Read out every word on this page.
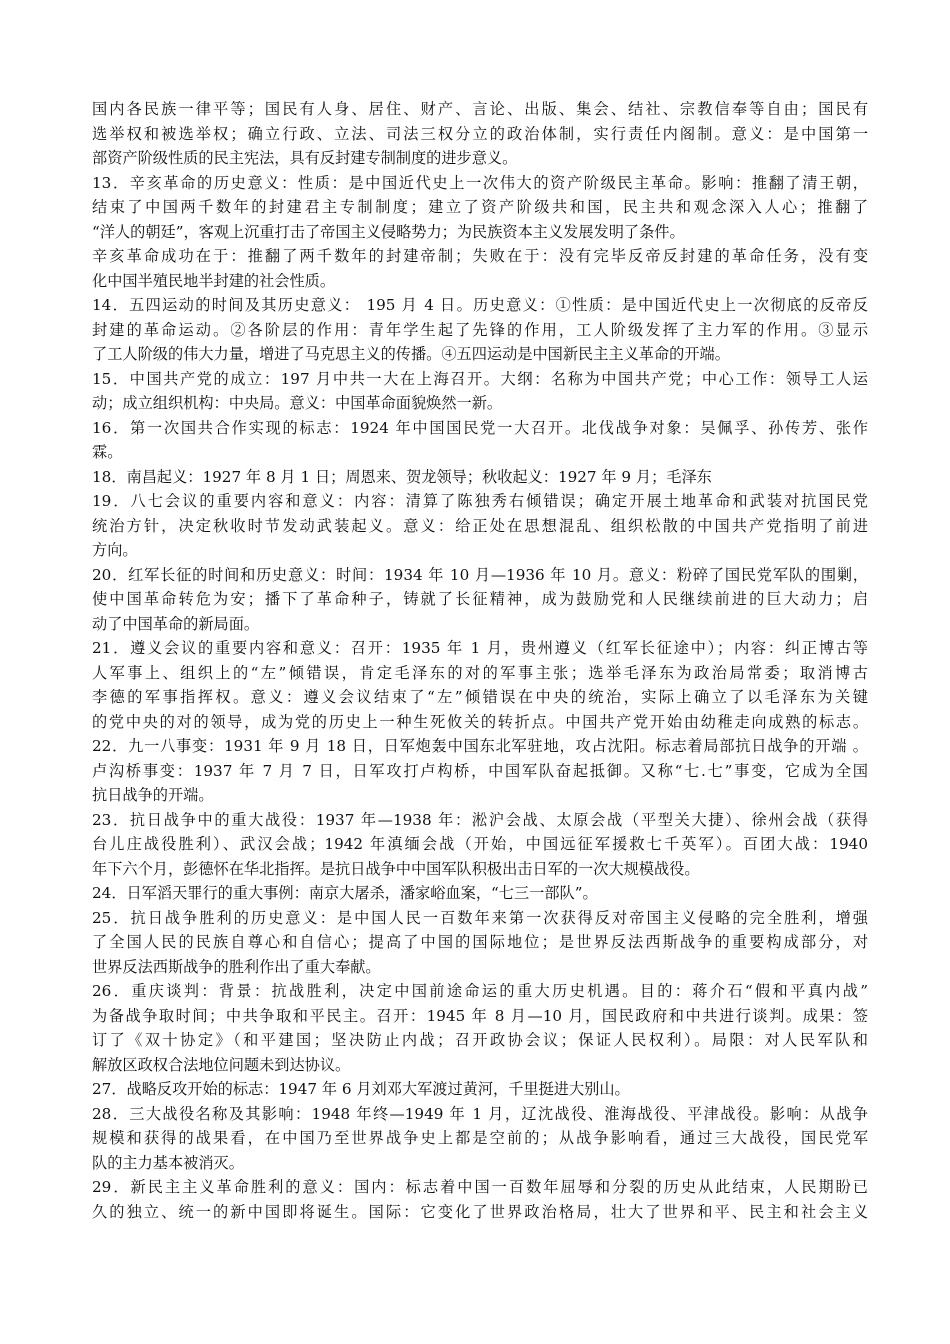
国内各民族一律平等；国民有人身、居住、财产、言论、出版、集会、结社、宗教信奉等自由；国民有
选举权和被选举权；确立行政、立法、司法三权分立的政治体制，实行责任内阁制。意义：是中国第一
部资产阶级性质的民主宪法，具有反封建专制制度的进步意义。
13．辛亥革命的历史意义：性质：是中国近代史上一次伟大的资产阶级民主革命。影响：推翻了清王朝，
结束了中国两千数年的封建君主专制制度；建立了资产阶级共和国，民主共和观念深入人心；推翻了
“洋人的朝廷”，客观上沉重打击了帝国主义侵略势力；为民族资本主义发展发明了条件。
辛亥革命成功在于：推翻了两千数年的封建帝制；失败在于：没有完毕反帝反封建的革命任务，没有变
化中国半殖民地半封建的社会性质。
14．五四运动的时间及其历史意义： 195 月 4 日。历史意义：①性质：是中国近代史上一次彻底的反帝反
封建的革命运动。②各阶层的作用：青年学生起了先锋的作用，工人阶级发挥了主力军的作用。③显示
了工人阶级的伟大力量，增进了马克思主义的传播。④五四运动是中国新民主主义革命的开端。
15．中国共产党的成立：197 月中共一大在上海召开。大纲：名称为中国共产党；中心工作：领导工人运
动；成立组织机构：中央局。意义：中国革命面貌焕然一新。
16．第一次国共合作实现的标志：1924 年中国国民党一大召开。北伐战争对象：吴佩孚、孙传芳、张作
霖。
18．南昌起义：1927 年 8 月 1 日；周恩来、贺龙领导；秋收起义：1927 年 9 月；毛泽东
19．八七会议的重要内容和意义：内容：清算了陈独秀右倾错误；确定开展土地革命和武装对抗国民党
统治方针，决定秋收时节发动武装起义。意义：给正处在思想混乱、组织松散的中国共产党指明了前进
方向。
20．红军长征的时间和历史意义：时间：1934 年 10 月—1936 年 10 月。意义：粉碎了国民党军队的围剿，
使中国革命转危为安；播下了革命种子，铸就了长征精神，成为鼓励党和人民继续前进的巨大动力；启
动了中国革命的新局面。
21．遵义会议的重要内容和意义：召开：1935 年 1 月，贵州遵义（红军长征途中）；内容：纠正博古等
人军事上、组织上的“左”倾错误，肯定毛泽东的对的军事主张；选举毛泽东为政治局常委；取消博古
李德的军事指挥权。意义：遵义会议结束了“左”倾错误在中央的统治，实际上确立了以毛泽东为关键
的党中央的对的领导，成为党的历史上一种生死攸关的转折点。中国共产党开始由幼稚走向成熟的标志。
22．九一八事变：1931 年 9 月 18 日，日军炮轰中国东北军驻地，攻占沈阳。标志着局部抗日战争的开端 。
卢沟桥事变：1937 年 7 月 7 日，日军攻打卢构桥，中国军队奋起抵御。又称“七.七”事变，它成为全国
抗日战争的开端。
23．抗日战争中的重大战役：1937 年—1938 年：淞沪会战、太原会战（平型关大捷）、徐州会战（获得
台儿庄战役胜利）、武汉会战；1942 年滇缅会战（开始，中国远征军援救七千英军）。百团大战：1940
年下六个月，彭德怀在华北指挥。是抗日战争中中国军队积极出击日军的一次大规模战役。
24．日军滔天罪行的重大事例：南京大屠杀，潘家峪血案，“七三一部队”。
25．抗日战争胜利的历史意义：是中国人民一百数年来第一次获得反对帝国主义侵略的完全胜利，增强
了全国人民的民族自尊心和自信心；提高了中国的国际地位；是世界反法西斯战争的重要构成部分，对
世界反法西斯战争的胜利作出了重大奉献。
26．重庆谈判：背景：抗战胜利，决定中国前途命运的重大历史机遇。目的：蒋介石“假和平真内战”
为备战争取时间；中共争取和平民主。召开：1945 年 8 月—10 月，国民政府和中共进行谈判。成果：签
订了《双十协定》（和平建国；坚决防止内战；召开政协会议；保证人民权利）。局限：对人民军队和
解放区政权合法地位问题未到达协议。
27．战略反攻开始的标志：1947 年 6 月刘邓大军渡过黄河，千里挺进大别山。
28．三大战役名称及其影响：1948 年终—1949 年 1 月，辽沈战役、淮海战役、平津战役。影响：从战争
规模和获得的战果看，在中国乃至世界战争史上都是空前的；从战争影响看，通过三大战役，国民党军
队的主力基本被消灭。
29．新民主主义革命胜利的意义：国内：标志着中国一百数年屈辱和分裂的历史从此结束，人民期盼已
久的独立、统一的新中国即将诞生。国际：它变化了世界政治格局，壮大了世界和平、民主和社会主义
